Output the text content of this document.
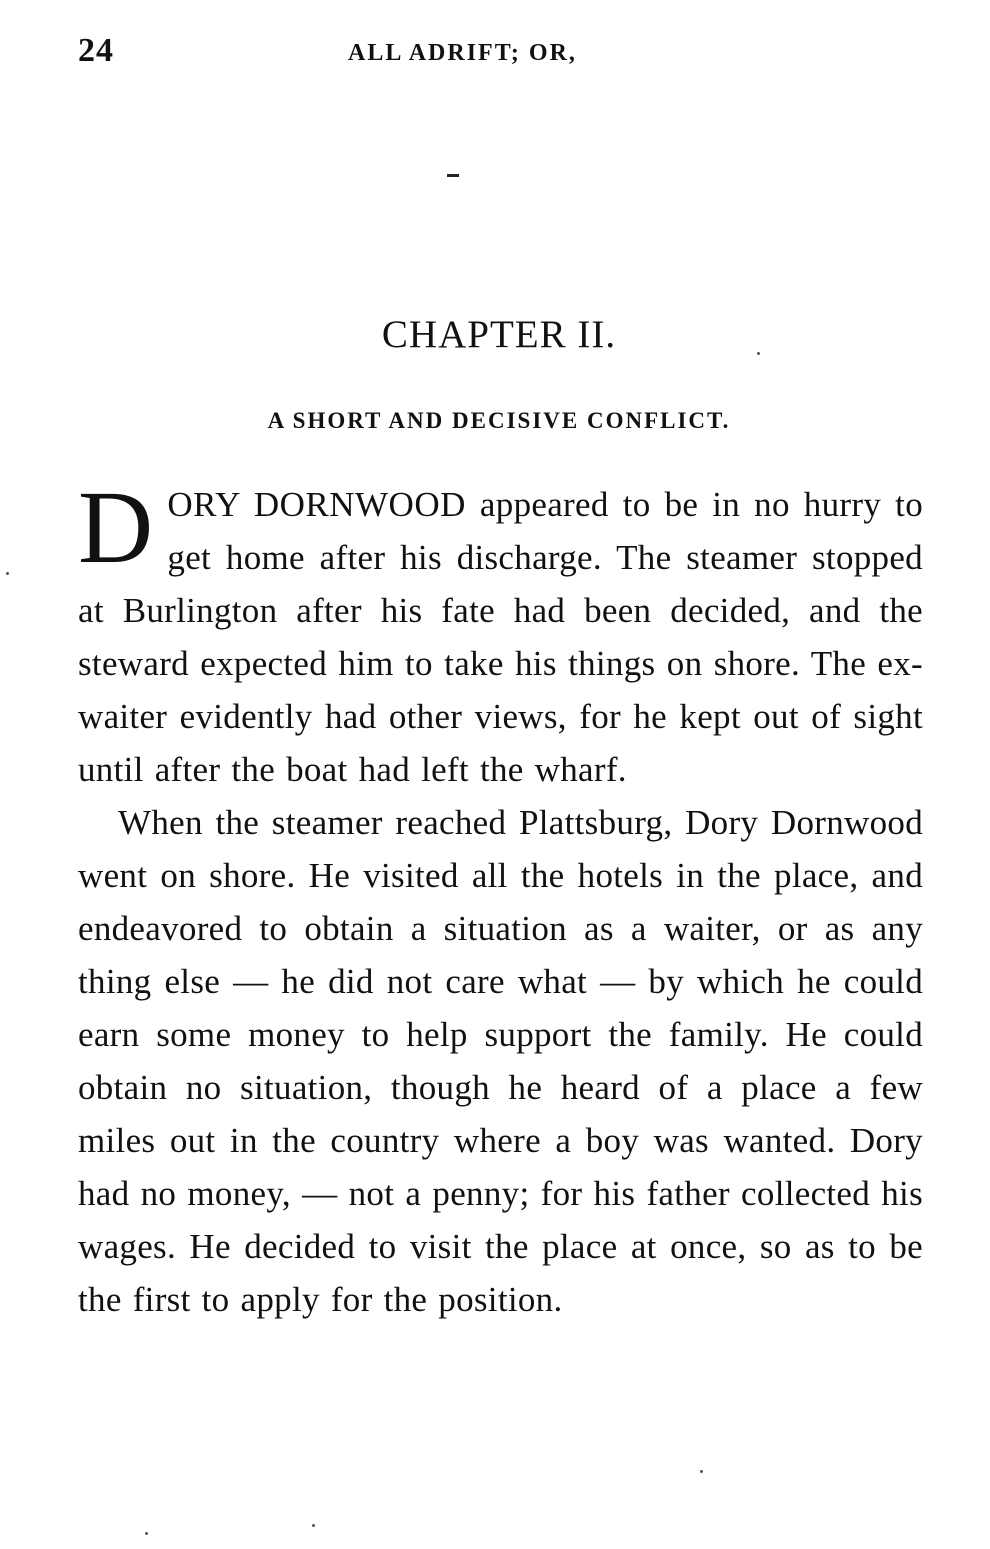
24	ALL ADRIFT; OR,
CHAPTER II.
A SHORT AND DECISIVE CONFLICT.

DORY DORNWOOD appeared to be in no hurry to get home after his discharge. The steamer stopped at Burlington after his fate had been decided, and the steward expected him to take his things on shore. The ex-waiter evidently had other views, for he kept out of sight until after the boat had left the wharf.

When the steamer reached Plattsburg, Dory Dornwood went on shore. He visited all the hotels in the place, and endeavored to obtain a situation as a waiter, or as any thing else — he did not care what — by which he could earn some money to help support the family. He could obtain no situation, though he heard of a place a few miles out in the country where a boy was wanted. Dory had no money, — not a penny; for his father collected his wages. He decided to visit the place at once, so as to be the first to apply for the position.
